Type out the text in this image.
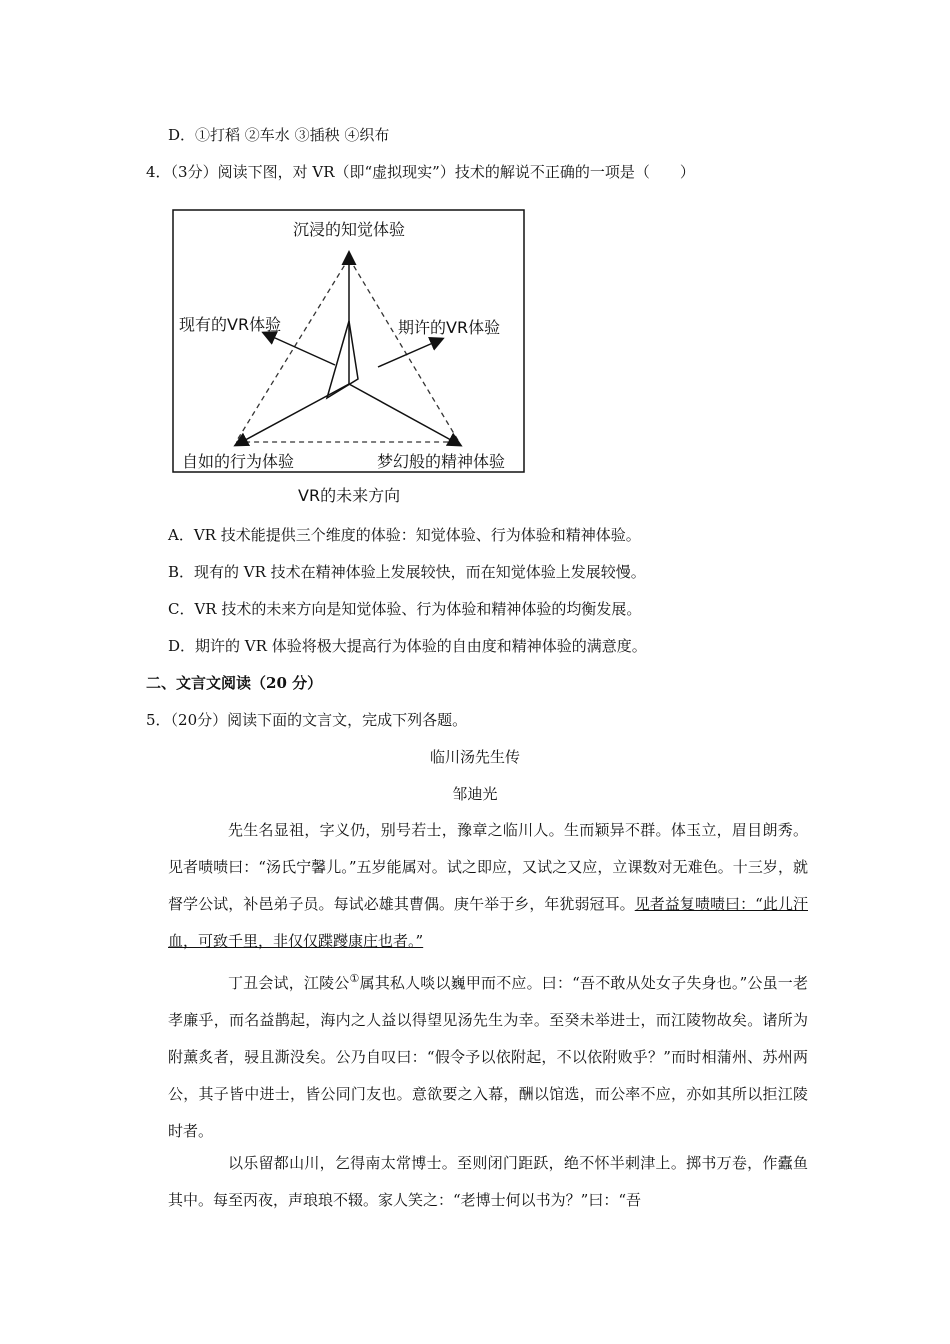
D．①打稻 ②车水 ③插秧 ④织布
4．（3分）阅读下图，对 VR（即“虚拟现实”）技术的解说不正确的一项是（　　）
沉浸的知觉体验
现有的VR体验	期许的VR体验
自如的行为体验	梦幻般的精神体验
VR的未来方向
A．VR 技术能提供三个维度的体验：知觉体验、行为体验和精神体验。
B．现有的 VR 技术在精神体验上发展较快，而在知觉体验上发展较慢。
C．VR 技术的未来方向是知觉体验、行为体验和精神体验的均衡发展。
D．期许的 VR 体验将极大提高行为体验的自由度和精神体验的满意度。
二、文言文阅读（20 分）
5．（20分）阅读下面的文言文，完成下列各题。
临川汤先生传
邹迪光
先生名显祖，字义仍，别号若士，豫章之临川人。生而颖异不群。体玉立，眉目朗秀。见者啧啧曰：“汤氏宁馨儿。”五岁能属对。试之即应，又试之又应，立课数对无难色。十三岁，就督学公试，补邑弟子员。每试必雄其曹偶。庚午举于乡，年犹弱冠耳。见者益复啧啧曰：“此儿汗血，可致千里，非仅仅蹀躞康庄也者。”
丁丑会试，江陵公①属其私人啖以巍甲而不应。曰：“吾不敢从处女子失身也。”公虽一老孝廉乎，而名益鹊起，海内之人益以得望见汤先生为幸。至癸未举进士，而江陵物故矣。诸所为附薰炙者，骎且澌没矣。公乃自叹曰：“假令予以依附起，不以依附败乎？”而时相蒲州、苏州两公，其子皆中进士，皆公同门友也。意欲要之入幕，酬以馆选，而公率不应，亦如其所以拒江陵时者。
以乐留都山川，乞得南太常博士。至则闭门距跃，绝不怀半刺津上。掷书万卷，作蠹鱼其中。每至丙夜，声琅琅不辍。家人笑之：“老博士何以书为？”曰：“吾
